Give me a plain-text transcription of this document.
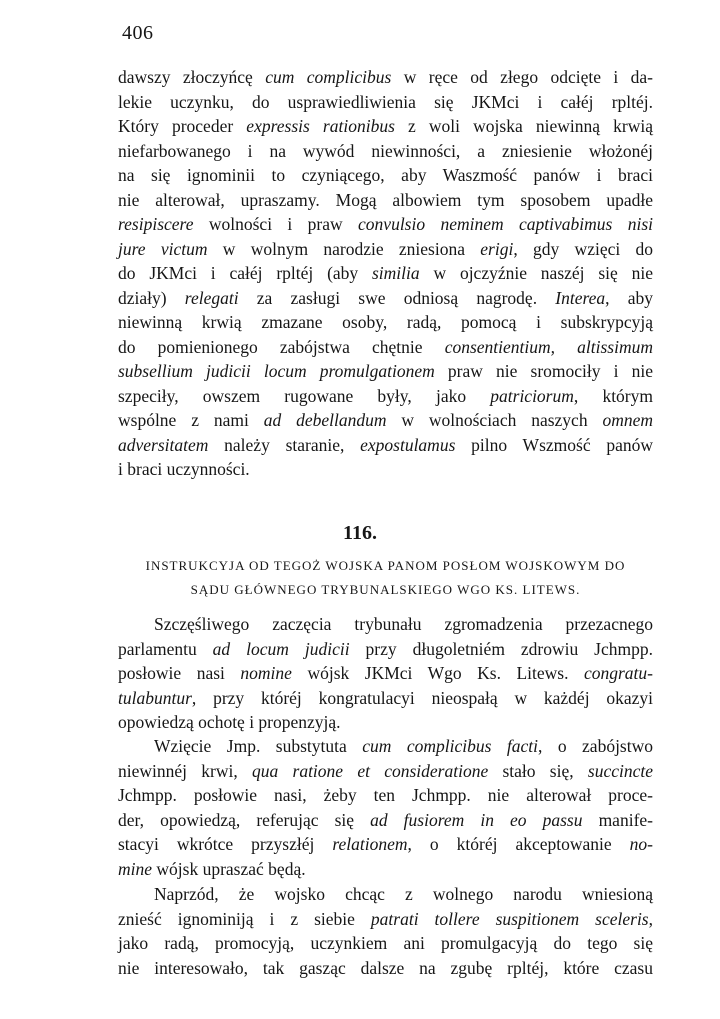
406
dawszy złoczyńcę cum complicibus w ręce od złego odcięte i da-
lekie uczynku, do usprawiedliwienia się JKMci i całéj rpltéj.
Który proceder expressis rationibus z woli wojska niewinną krwią
niefarbowanego i na wywód niewinności, a zniesienie włożonéj
na się ignominii to czyniącego, aby Waszmość panów i braci
nie alterował, upraszamy. Mogą albowiem tym sposobem upadłe
resipiscere wolności i praw convulsio neminem captivabimus nisi
jure victum w wolnym narodzie zniesiona erigi, gdy wzięci do
do JKMci i całéj rpltéj (aby similia w ojczyźnie naszéj się nie
działy) relegati za zasługi swe odniosą nagrodę. Interea, aby
niewinną krwią zmazane osoby, radą, pomocą i subskrypcyją
do pomienionego zabójstwa chętnie consentientium, altissimum
subsellium judicii locum promulgationem praw nie sromociły i nie
szpeciły, owszem rugowane były, jako patriciorum, którym
wspólne z nami ad debellandum w wolnościach naszych omnem
adversitatem należy staranie, expostulamus pilno Wszmość panów
i braci uczynności.
116.
INSTRUKCYJA OD TEGOŻ WOJSKA PANOM POSŁOM WOJSKOWYM DO
SĄDU GŁÓWNEGO TRYBUNALSKIEGO WGO KS. LITEWS.
Szczęśliwego zaczęcia trybunału zgromadzenia przezacnego
parlamentu ad locum judicii przy długoletniém zdrowiu Jchmpp.
posłowie nasi nomine wójsk JKMci Wgo Ks. Litews. congratu-
tulabuntur, przy któréj kongratulacyi nieospałą w każdéj okazyi
opowiedzą ochotę i propenzyją.
Wzięcie Jmp. substytuta cum complicibus facti, o zabójstwo
niewinnéj krwi, qua ratione et consideratione stało się, succincte
Jchmpp. posłowie nasi, żeby ten Jchmpp. nie alterował proce-
der, opowiedzą, referując się ad fusiorem in eo passu manife-
stacyi wkrótce przyszłéj relationem, o któréj akceptowanie no-
mine wójsk upraszać będą.
Naprzód, że wojsko chcąc z wolnego narodu wniesioną
znieść ignominiją i z siebie patrati tollere suspitionem sceleris,
jako radą, promocyją, uczynkiem ani promulgacyją do tego się
nie interesowało, tak gasząc dalsze na zgubę rpltéj, które czasu
